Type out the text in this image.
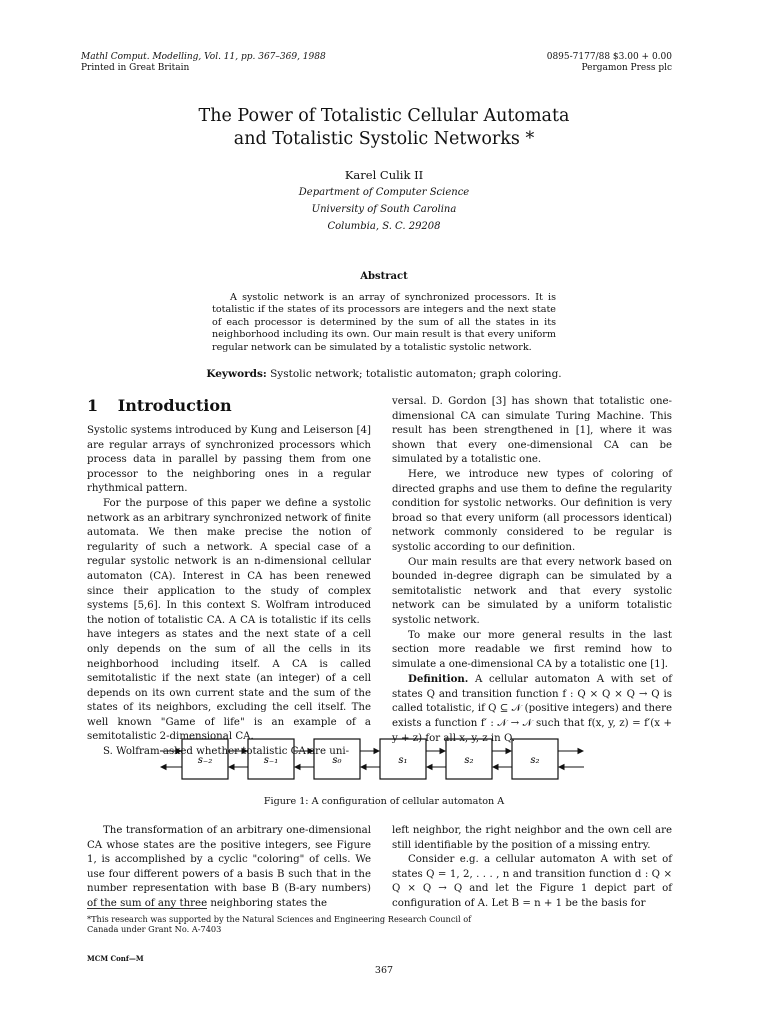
Mathl Comput. Modelling, Vol. 11, pp. 367–369, 1988
Printed in Great Britain
0895-7177/88 $3.00 + 0.00
Pergamon Press plc
The Power of Totalistic Cellular Automata
and Totalistic Systolic Networks *
Karel Culik II
Department of Computer Science
University of South Carolina
Columbia, S. C. 29208
Abstract
A systolic network is an array of synchronized processors. It is totalistic if the states of its processors are integers and the next state of each processor is determined by the sum of all the states in its neighborhood including its own. Our main result is that every uniform regular network can be simulated by a totalistic systolic network.
Keywords: Systolic network; totalistic automaton; graph coloring.
1 Introduction

Systolic systems introduced by Kung and Leiserson [4] are regular arrays of synchronized processors which process data in parallel by passing them from one processor to the neighboring ones in a regular rhythmical pattern.

For the purpose of this paper we define a systolic network as an arbitrary synchronized network of finite automata. We then make precise the notion of regularity of such a network. A special case of a regular systolic network is an n-dimensional cellular automaton (CA). Interest in CA has been renewed since their application to the study of complex systems [5,6]. In this context S. Wolfram introduced the notion of totalistic CA. A CA is totalistic if its cells have integers as states and the next state of a cell only depends on the sum of all the cells in its neighborhood including itself. A CA is called semitotalistic if the next state (an integer) of a cell depends on its own current state and the sum of the states of its neighbors, excluding the cell itself. The well known "Game of life" is an example of a semitotalistic 2-dimensional CA.

S. Wolfram asked whether totalistic CA are uni-

versal. D. Gordon [3] has shown that totalistic one-dimensional CA can simulate Turing Machine. This result has been strengthened in [1], where it was shown that every one-dimensional CA can be simulated by a totalistic one.

Here, we introduce new types of coloring of directed graphs and use them to define the regularity condition for systolic networks. Our definition is very broad so that every uniform (all processors identical) network commonly considered to be regular is systolic according to our definition.

Our main results are that every network based on bounded in-degree digraph can be simulated by a semitotalistic network and that every systolic network can be simulated by a uniform totalistic systolic network.

To make our more general results in the last section more readable we first remind how to simulate a one-dimensional CA by a totalistic one [1].

Definition. A cellular automaton A with set of states Q and transition function f : Q × Q × Q → Q is called totalistic, if Q ⊆ 𝒩 (positive integers) and there exists a function f′ : 𝒩 → 𝒩 such that f(x, y, z) = f′(x + y + z) for all x, y, z in Q.

s₋₂	s₋₁	s₀	s₁	s₂	s₂
Figure 1: A configuration of cellular automaton A

The transformation of an arbitrary one-dimensional CA whose states are the positive integers, see Figure 1, is accomplished by a cyclic "coloring" of cells. We use four different powers of a basis B such that in the number representation with base B (B-ary numbers) of the sum of any three neighboring states the

left neighbor, the right neighbor and the own cell are still identifiable by the position of a missing entry.

Consider e.g. a cellular automaton A with set of states Q = 1, 2, . . . , n and transition function d : Q × Q × Q → Q and let the Figure 1 depict part of configuration of A. Let B = n + 1 be the basis for

*This research was supported by the Natural Sciences and Engineering Research Council of Canada under Grant No. A-7403
MCM Conf—M
367
